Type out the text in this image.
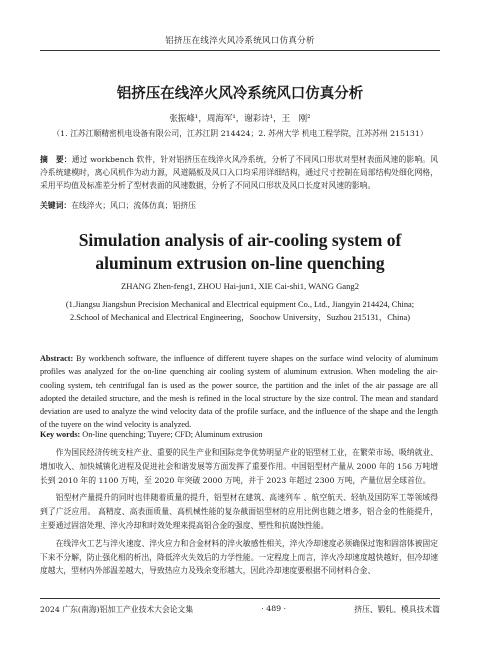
铝挤压在线淬火风冷系统风口仿真分析
铝挤压在线淬火风冷系统风口仿真分析
张振峰¹，周海军¹，谢彩诗¹，王　刚²
（1. 江苏江顺精密机电设备有限公司，江苏江阴 214424；2. 苏州大学 机电工程学院，江苏苏州 215131）
摘　要：通过 workbench 软件，针对铝挤压在线淬火风冷系统，分析了不同风口形状对型材表面风速的影响。风冷系统建模时，离心风机作为动力源，风道隔板及风口入口均采用详细结构，通过尺寸控制在局部结构处细化网格，采用平均值及标准差分析了型材表面的风速数据，分析了不同风口形状及风口长度对风速的影响。
关键词：在线淬火；风口；流体仿真；铝挤压
Simulation analysis of air-cooling system of aluminum extrusion on-line quenching
ZHANG Zhen-feng1, ZHOU Hai-jun1, XIE Cai-shi1, WANG Gang2
(1.Jiangsu Jiangshun Precision Mechanical and Electrical equipment Co., Ltd., Jiangyin 214424, China; 2.School of Mechanical and Electrical Engineering，Soochow University，Suzhou 215131，China)
Abstract: By workbench software, the influence of different tuyere shapes on the surface wind velocity of aluminum profiles was analyzed for the on-line quenching air cooling system of aluminum extrusion. When modeling the air-cooling system, teh centrifugal fan is used as the power source, the partition and the inlet of the air passage are all adopted the detailed structure, and the mesh is refined in the local structure by the size control. The mean and standard deviation are used to analyze the wind velocity data of the profile surface, and the influence of the shape and the length of the tuyere on the wind velocity is analyzed.
Key words: On-line quenching; Tuyere; CFD; Aluminum extrusion

作为国民经济传统支柱产业、重要的民生产业和国际竞争优势明显产业的铝型材工业，在繁荣市场、吸纳就业、增加收入、加快城镇化进程及促进社会和谐发展等方面发挥了重要作用。中国铝型材产量从 2000 年的 156 万吨增长到 2010 年的 1100 万吨，至 2020 年突破 2000 万吨，并于 2023 年超过 2300 万吨，产量位居全球首位。

铝型材产量提升的同时也伴随着质量的提升，铝型材在建筑、高速列车 、航空航天、轻轨及国防军工等领域得到了广泛应用。 高精度、高表面质量、高机械性能的复杂截面铝型材的应用比例也随之增多，铝合金的性能提升，主要通过固溶处理、淬火冷却和时效处理来提高铝合金的强度、塑性和抗腐蚀性能。

在线淬火工艺与淬火速度、淬火应力和合金材料的淬火敏感性相关，淬火冷却速度必须确保过饱和固溶体被固定下来不分解，防止强化相的析出，降低淬火失效后的力学性能。一定程度上而言，淬火冷却速度越快越好，但冷却速度越大，型材内外部温差越大，导致热应力及残余变形越大，因此冷却速度要根据不同材料合金、

2024 广东(南海)铝加工产业技术大会论文集	· 489 ·	挤压、锻轧、模具技术篇
